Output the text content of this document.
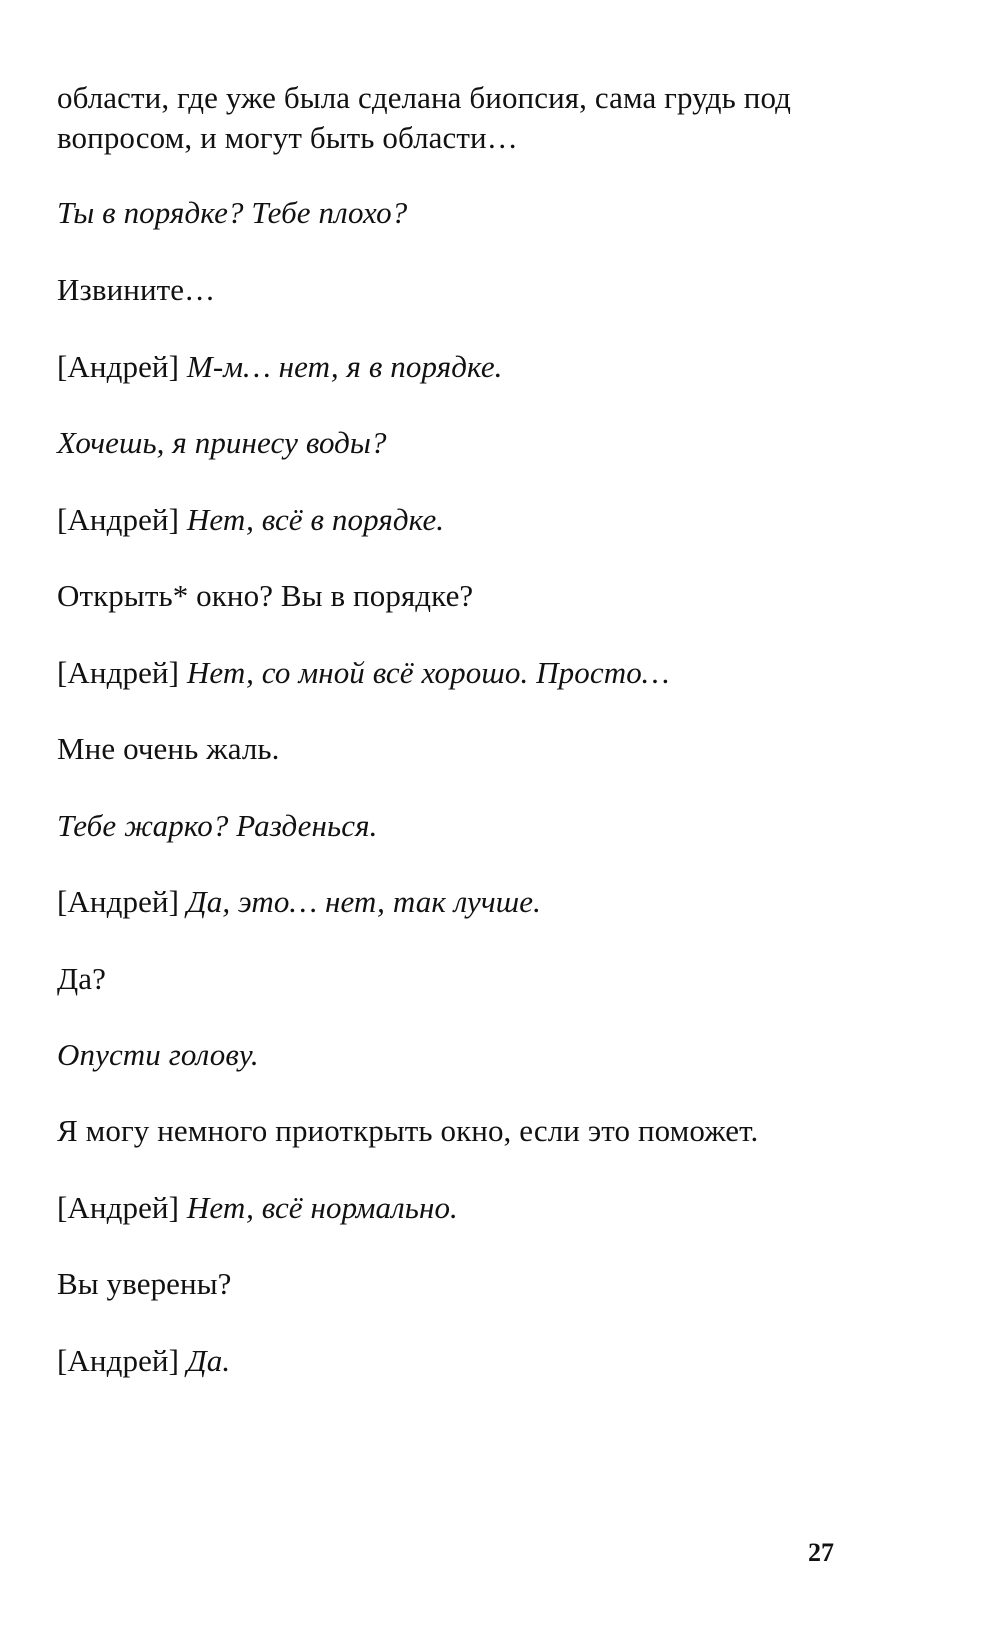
области, где уже была сделана биопсия, сама грудь под
вопросом, и могут быть области…
Ты в порядке? Тебе плохо?
Извините…
[Андрей] М-м… нет, я в порядке.
Хочешь, я принесу воды?
[Андрей] Нет, всё в порядке.
Открыть* окно? Вы в порядке?
[Андрей] Нет, со мной всё хорошо. Просто…
Мне очень жаль.
Тебе жарко? Разденься.
[Андрей] Да, это… нет, так лучше.
Да?
Опусти голову.
Я могу немного приоткрыть окно, если это поможет.
[Андрей] Нет, всё нормально.
Вы уверены?
[Андрей] Да.
27
